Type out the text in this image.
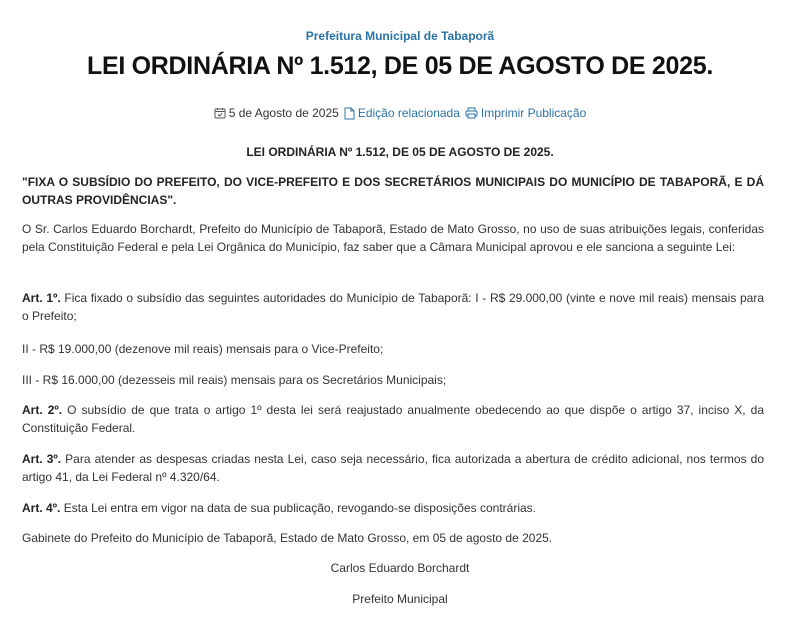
Prefeitura Municipal de Tabaporã
LEI ORDINÁRIA Nº 1.512, DE 05 DE AGOSTO DE 2025.
5 de Agosto de 2025 Edição relacionada Imprimir Publicação
LEI ORDINÁRIA Nº 1.512, DE 05 DE AGOSTO DE 2025.
"FIXA O SUBSÍDIO DO PREFEITO, DO VICE-PREFEITO E DOS SECRETÁRIOS MUNICIPAIS DO MUNICÍPIO DE TABAPORÃ, E DÁ OUTRAS PROVIDÊNCIAS".
O Sr. Carlos Eduardo Borchardt, Prefeito do Município de Tabaporã, Estado de Mato Grosso, no uso de suas atribuições legais, conferidas pela Constituição Federal e pela Lei Orgânica do Município, faz saber que a Câmara Municipal aprovou e ele sanciona a seguinte Lei:
Art. 1º. Fica fixado o subsídio das seguintes autoridades do Município de Tabaporã: I - R$ 29.000,00 (vinte e nove mil reais) mensais para o Prefeito;
II - R$ 19.000,00 (dezenove mil reais) mensais para o Vice-Prefeito;
III - R$ 16.000,00 (dezesseis mil reais) mensais para os Secretários Municipais;
Art. 2º. O subsídio de que trata o artigo 1º desta lei será reajustado anualmente obedecendo ao que dispõe o artigo 37, inciso X, da Constituição Federal.
Art. 3º. Para atender as despesas criadas nesta Lei, caso seja necessário, fica autorizada a abertura de crédito adicional, nos termos do artigo 41, da Lei Federal nº 4.320/64.
Art. 4º. Esta Lei entra em vigor na data de sua publicação, revogando-se disposições contrárias.
Gabinete do Prefeito do Município de Tabaporã, Estado de Mato Grosso, em 05 de agosto de 2025.
Carlos Eduardo Borchardt
Prefeito Municipal
